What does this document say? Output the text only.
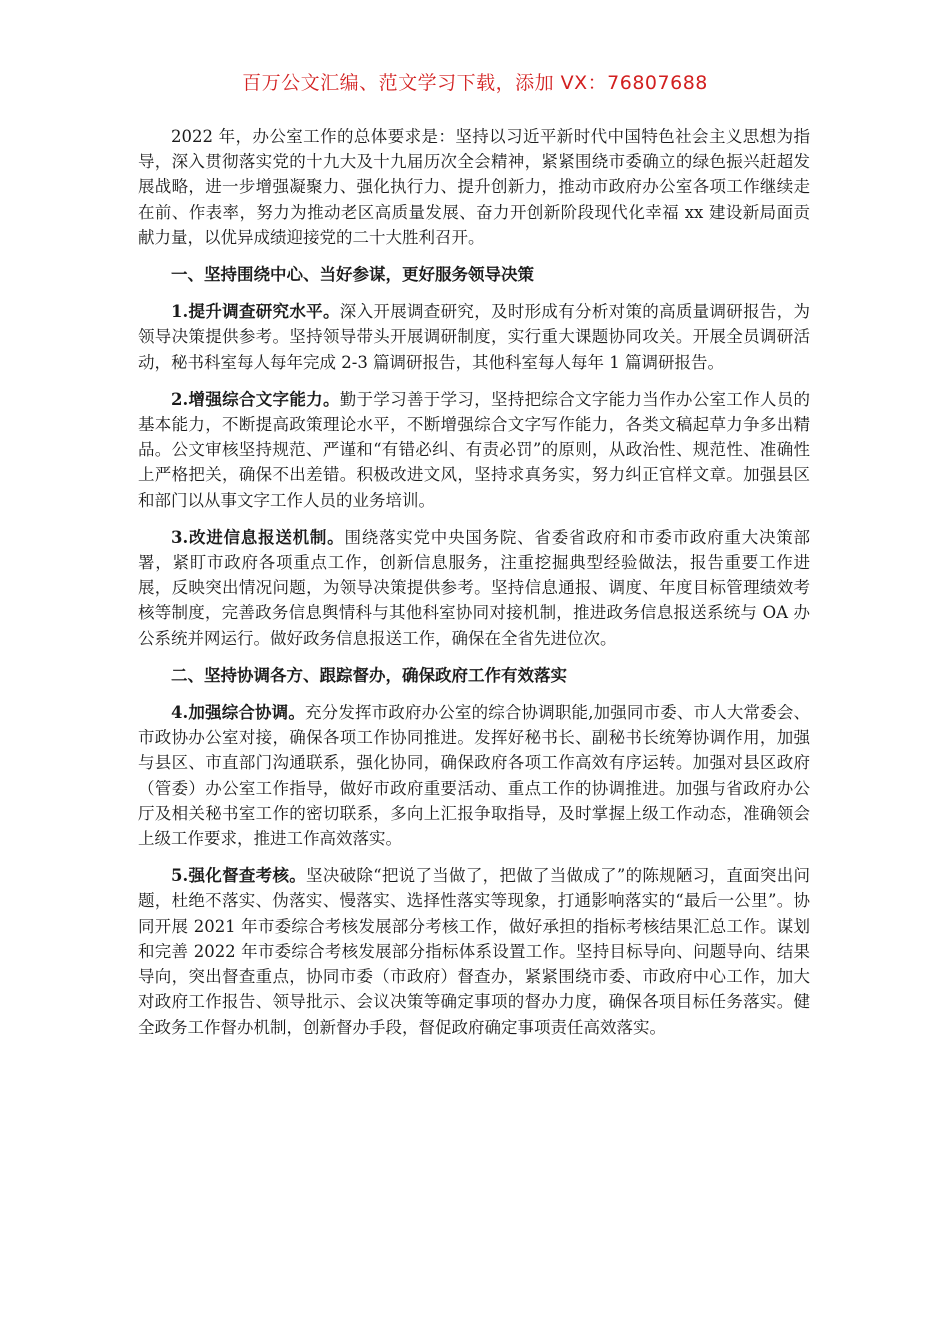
百万公文汇编、范文学习下载，添加 VX：76807688

2022 年，办公室工作的总体要求是：坚持以习近平新时代中国特色社会主义思想为指导，深入贯彻落实党的十九大及十九届历次全会精神，紧紧围绕市委确立的绿色振兴赶超发展战略，进一步增强凝聚力、强化执行力、提升创新力，推动市政府办公室各项工作继续走在前、作表率，努力为推动老区高质量发展、奋力开创新阶段现代化幸福 xx 建设新局面贡献力量，以优异成绩迎接党的二十大胜利召开。

一、坚持围绕中心、当好参谋，更好服务领导决策

1.提升调查研究水平。深入开展调查研究，及时形成有分析对策的高质量调研报告，为领导决策提供参考。坚持领导带头开展调研制度，实行重大课题协同攻关。开展全员调研活动，秘书科室每人每年完成 2-3 篇调研报告，其他科室每人每年 1 篇调研报告。

2.增强综合文字能力。勤于学习善于学习，坚持把综合文字能力当作办公室工作人员的基本能力，不断提高政策理论水平，不断增强综合文字写作能力，各类文稿起草力争多出精品。公文审核坚持规范、严谨和“有错必纠、有责必罚”的原则，从政治性、规范性、准确性上严格把关，确保不出差错。积极改进文风，坚持求真务实，努力纠正官样文章。加强县区和部门以从事文字工作人员的业务培训。

3.改进信息报送机制。围绕落实党中央国务院、省委省政府和市委市政府重大决策部署，紧盯市政府各项重点工作，创新信息服务，注重挖掘典型经验做法，报告重要工作进展，反映突出情况问题，为领导决策提供参考。坚持信息通报、调度、年度目标管理绩效考核等制度，完善政务信息舆情科与其他科室协同对接机制，推进政务信息报送系统与 OA 办公系统并网运行。做好政务信息报送工作，确保在全省先进位次。

二、坚持协调各方、跟踪督办，确保政府工作有效落实

4.加强综合协调。充分发挥市政府办公室的综合协调职能,加强同市委、市人大常委会、市政协办公室对接，确保各项工作协同推进。发挥好秘书长、副秘书长统筹协调作用，加强与县区、市直部门沟通联系，强化协同，确保政府各项工作高效有序运转。加强对县区政府（管委）办公室工作指导，做好市政府重要活动、重点工作的协调推进。加强与省政府办公厅及相关秘书室工作的密切联系，多向上汇报争取指导，及时掌握上级工作动态，准确领会上级工作要求，推进工作高效落实。

5.强化督查考核。坚决破除“把说了当做了，把做了当做成了”的陈规陋习，直面突出问题，杜绝不落实、伪落实、慢落实、选择性落实等现象，打通影响落实的“最后一公里”。协同开展 2021 年市委综合考核发展部分考核工作，做好承担的指标考核结果汇总工作。谋划和完善 2022 年市委综合考核发展部分指标体系设置工作。坚持目标导向、问题导向、结果导向，突出督查重点，协同市委（市政府）督查办，紧紧围绕市委、市政府中心工作，加大对政府工作报告、领导批示、会议决策等确定事项的督办力度，确保各项目标任务落实。健全政务工作督办机制，创新督办手段，督促政府确定事项责任高效落实。
